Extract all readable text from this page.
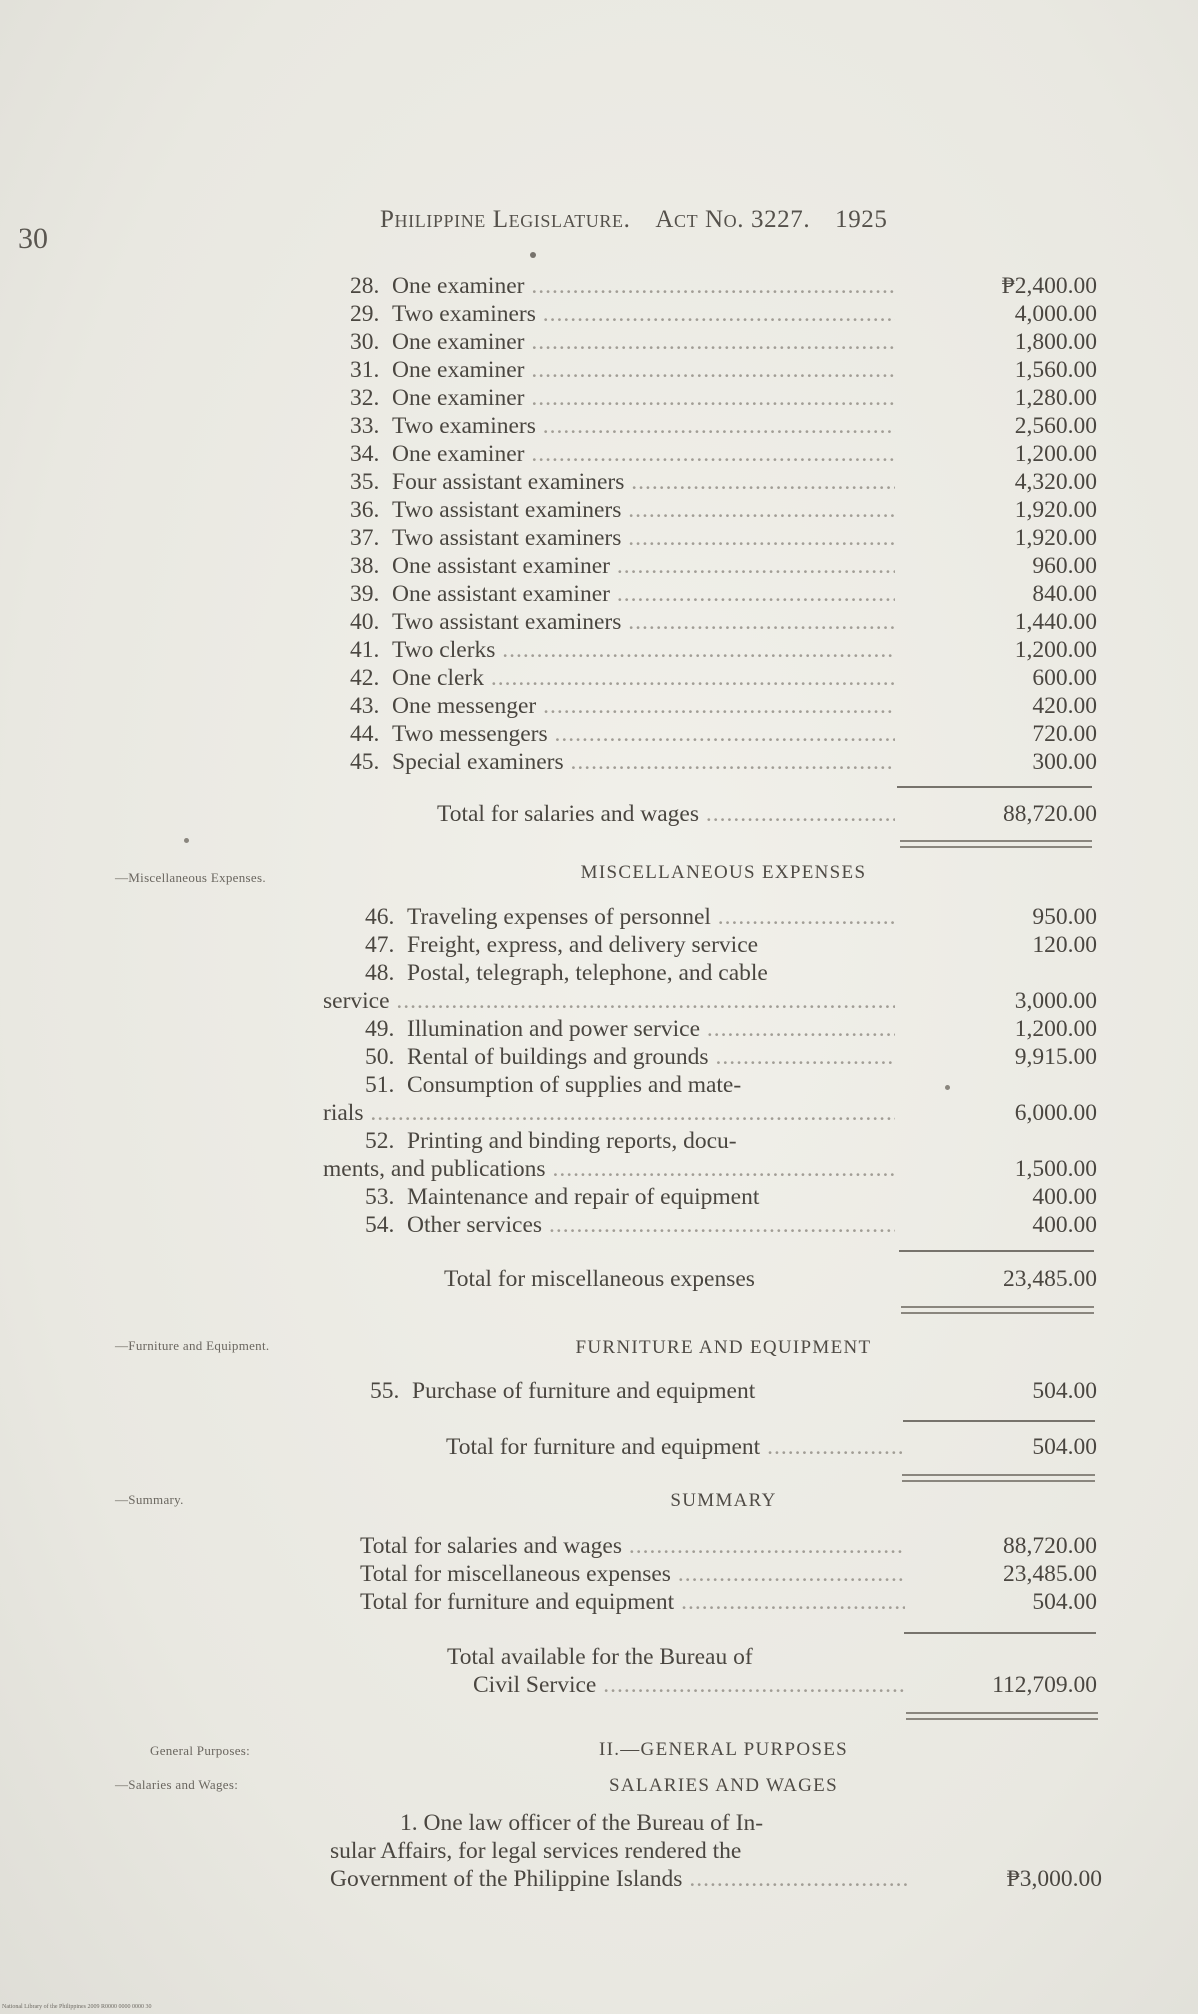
30
Philippine Legislature. Act No. 3227. 1925
28. One examiner .....	₱2,400.00
29. Two examiners .....	4,000.00
30. One examiner .....	1,800.00
31. One examiner .....	1,560.00
32. One examiner .....	1,280.00
33. Two examiners .....	2,560.00
34. One examiner .....	1,200.00
35. Four assistant examiners .....	4,320.00
36. Two assistant examiners .....	1,920.00
37. Two assistant examiners .....	1,920.00
38. One assistant examiner .....	960.00
39. One assistant examiner .....	840.00
40. Two assistant examiners .....	1,440.00
41. Two clerks .....	1,200.00
42. One clerk .....	600.00
43. One messenger .....	420.00
44. Two messengers .....	720.00
45. Special examiners .....	300.00
Total for salaries and wages .....	88,720.00
—Miscellaneous Expenses.	MISCELLANEOUS EXPENSES
46. Traveling expenses of personnel .....	950.00
47. Freight, express, and delivery service	120.00
48. Postal, telegraph, telephone, and cable
service .....	3,000.00
49. Illumination and power service .....	1,200.00
50. Rental of buildings and grounds .....	9,915.00
51. Consumption of supplies and mate-
rials .....	6,000.00
52. Printing and binding reports, docu-
ments, and publications .....	1,500.00
53. Maintenance and repair of equipment	400.00
54. Other services .....	400.00
Total for miscellaneous expenses	23,485.00
—Furniture and Equipment.	FURNITURE AND EQUIPMENT
55. Purchase of furniture and equipment	504.00
Total for furniture and equipment .....	504.00
—Summary.	SUMMARY
Total for salaries and wages .....	88,720.00
Total for miscellaneous expenses .....	23,485.00
Total for furniture and equipment .....	504.00
Total available for the Bureau of
Civil Service .....	112,709.00
General Purposes:
—Salaries and Wages:
II.—GENERAL PURPOSES
SALARIES AND WAGES
1. One law officer of the Bureau of In-
sular Affairs, for legal services rendered the
Government of the Philippine Islands .....	₱3,000.00
National Library of the Philippines 2009 R0000 0000 0000 30
